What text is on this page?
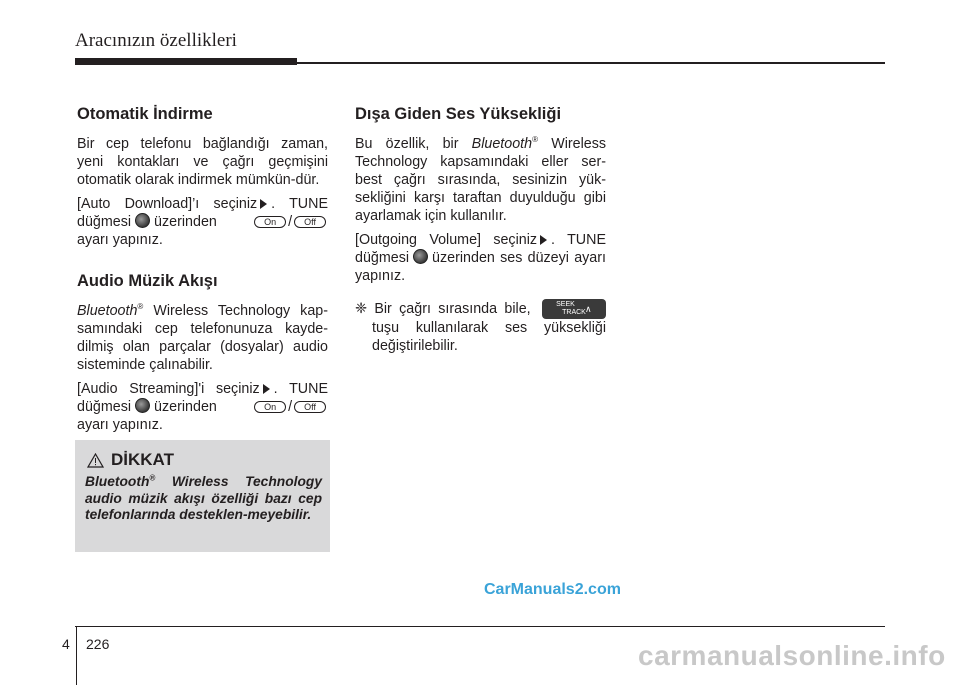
Aracınızın özellikleri
Otomatik İndirme

Bir cep telefonu bağlandığı zaman, yeni kontakları ve çağrı geçmişini otomatik olarak indirmek mümkün-dür.

[Auto Download]’ı seçiniz . TUNE düğmesi üzerinden	On / Off ayarı yapınız.

Audio Müzik Akışı

Bluetooth® Wireless Technology kap-samındaki cep telefonunuza kayde-dilmiş olan parçalar (dosyalar) audio sisteminde çalınabilir.

[Audio Streaming]'i seçiniz . TUNE düğmesi üzerinden	On / Off ayarı yapınız.

DİKKAT
Bluetooth® Wireless Technology audio müzik akışı özelliği bazı cep telefonlarında desteklen-meyebilir.
Dışa Giden Ses Yüksekliği

Bu özellik, bir Bluetooth® Wireless Technology kapsamındaki eller ser-best çağrı sırasında, sesinizin yük-sekliğini karşı taraftan duyulduğu gibi ayarlamak için kullanılır.

[Outgoing Volume] seçiniz . TUNE düğmesi üzerinden ses düzeyi ayarı yapınız.

❈ Bir çağrı sırasında bile,
∨	SEEK
TRACK ∧
tuşu kullanılarak ses yüksekliği değiştirilebilir.

CarManuals2.com
4 226	carmanualsonline.info
